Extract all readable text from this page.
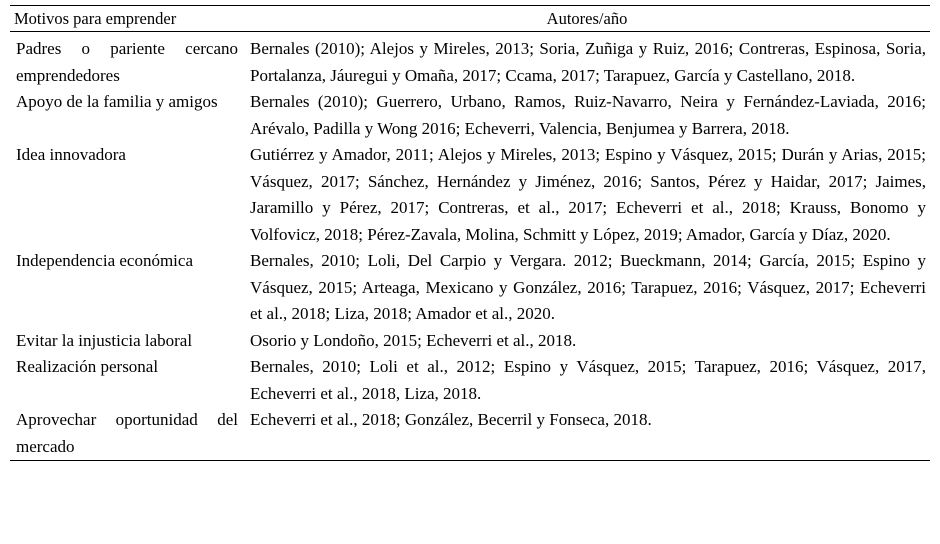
Motivos para emprender	Autores/año
Padres o pariente cercano emprendedores	Bernales (2010); Alejos y Mireles, 2013; Soria, Zuñiga y Ruiz, 2016; Contreras, Espinosa, Soria, Portalanza, Jáuregui y Omaña, 2017; Ccama, 2017; Tarapuez, García y Castellano, 2018.
Apoyo de la familia y amigos	Bernales (2010); Guerrero, Urbano, Ramos, Ruiz-Navarro, Neira y Fernández-Laviada, 2016; Arévalo, Padilla y Wong 2016; Echeverri, Valencia, Benjumea y Barrera, 2018.
Idea innovadora	Gutiérrez y Amador, 2011; Alejos y Mireles, 2013; Espino y Vásquez, 2015; Durán y Arias, 2015; Vásquez, 2017; Sánchez, Hernández y Jiménez, 2016; Santos, Pérez y Haidar, 2017; Jaimes, Jaramillo y Pérez, 2017; Contreras, et al., 2017; Echeverri et al., 2018; Krauss, Bonomo y Volfovicz, 2018; Pérez-Zavala, Molina, Schmitt y López, 2019; Amador, García y Díaz, 2020.
Independencia económica	Bernales, 2010; Loli, Del Carpio y Vergara. 2012; Bueckmann, 2014; García, 2015; Espino y Vásquez, 2015; Arteaga, Mexicano y González, 2016; Tarapuez, 2016; Vásquez, 2017; Echeverri et al., 2018; Liza, 2018; Amador et al., 2020.
Evitar la injusticia laboral	Osorio y Londoño, 2015; Echeverri et al., 2018.
Realización personal	Bernales, 2010; Loli et al., 2012; Espino y Vásquez, 2015; Tarapuez, 2016; Vásquez, 2017, Echeverri et al., 2018, Liza, 2018.
Aprovechar oportunidad del mercado	Echeverri et al., 2018; González, Becerril y Fonseca, 2018.
